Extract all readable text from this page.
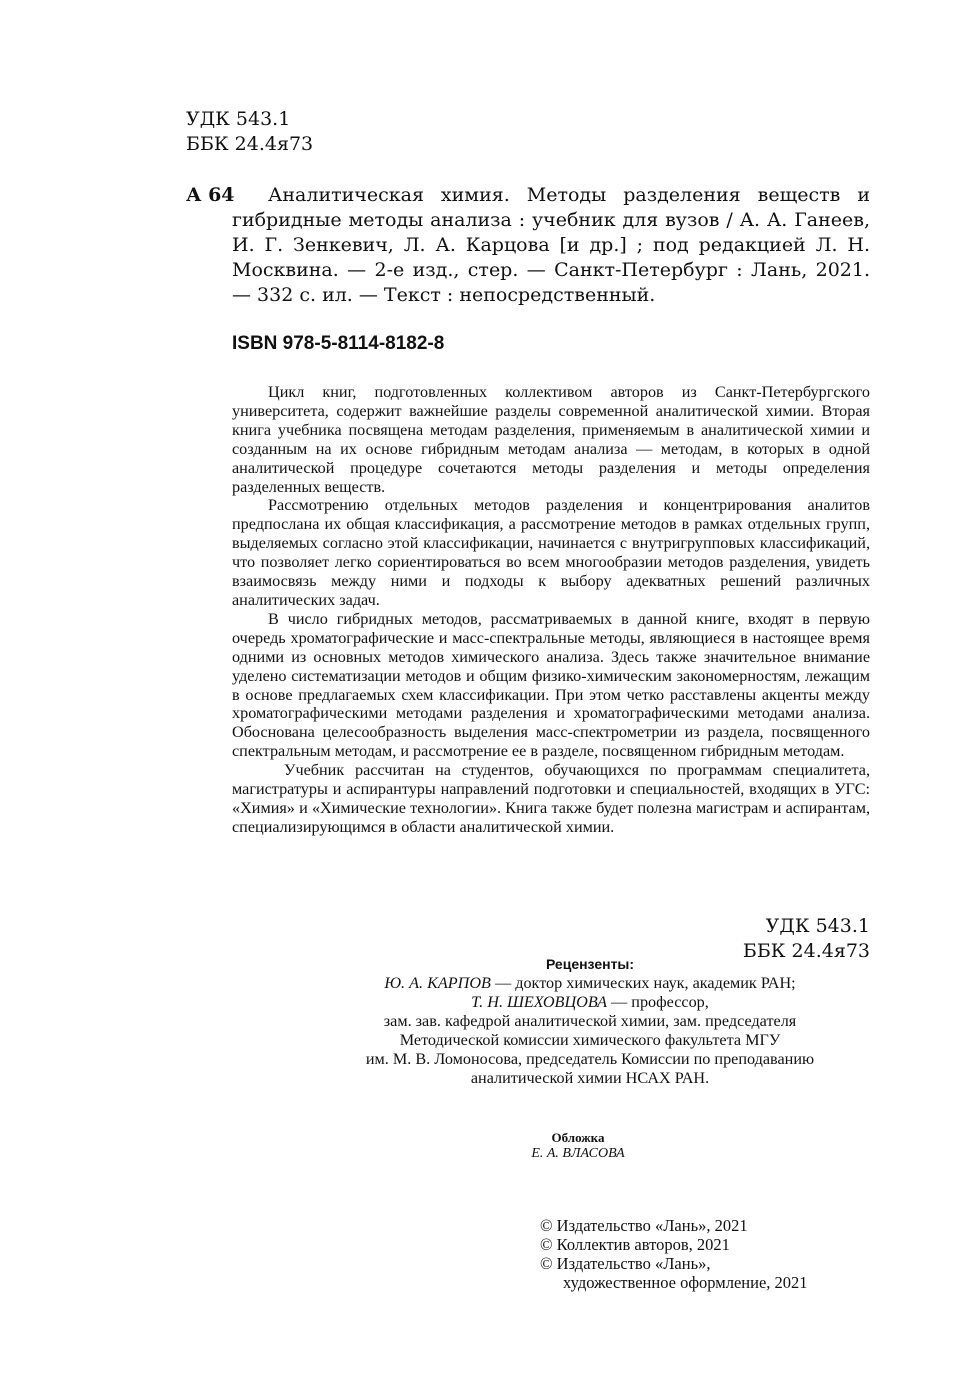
УДК 543.1
ББК 24.4я73
А 64	Аналитическая химия. Методы разделения веществ и гибридные методы анализа : учебник для вузов / А. А. Ганеев, И. Г. Зенкевич, Л. А. Карцова [и др.] ; под редакцией Л. Н. Москвина. — 2-е изд., стер. — Санкт-Петербург : Лань, 2021. — 332 с. ил. — Текст : непосредственный.
ISBN 978-5-8114-8182-8

Цикл книг, подготовленных коллективом авторов из Санкт-Петербургского университета, содержит важнейшие разделы современной аналитической химии. Вторая книга учебника посвящена методам разделения, применяемым в аналитической химии и созданным на их основе гибридным методам анализа — методам, в которых в одной аналитической процедуре сочетаются методы разделения и методы определения разделенных веществ.

Рассмотрению отдельных методов разделения и концентрирования аналитов предпослана их общая классификация, а рассмотрение методов в рамках отдельных групп, выделяемых согласно этой классификации, начинается с внутригрупповых классификаций, что позволяет легко сориентироваться во всем многообразии методов разделения, увидеть взаимосвязь между ними и подходы к выбору адекватных решений различных аналитических задач.

В число гибридных методов, рассматриваемых в данной книге, входят в первую очередь хроматографические и масс-спектральные методы, являющиеся в настоящее время одними из основных методов химического анализа. Здесь также значительное внимание уделено систематизации методов и общим физико-химическим закономерностям, лежащим в основе предлагаемых схем классификации. При этом четко расставлены акценты между хроматографическими методами разделения и хроматографическими методами анализа. Обоснована целесообразность выделения масс-спектрометрии из раздела, посвященного спектральным методам, и рассмотрение ее в разделе, посвященном гибридным методам.

Учебник рассчитан на студентов, обучающихся по программам специалитета, магистратуры и аспирантуры направлений подготовки и специальностей, входящих в УГС: «Химия» и «Химические технологии». Книга также будет полезна магистрам и аспирантам, специализирующимся в области аналитической химии.

УДК 543.1
ББК 24.4я73
Рецензенты:
Ю. А. КАРПОВ — доктор химических наук, академик РАН;
Т. Н. ШЕХОВЦОВА — профессор,
зам. зав. кафедрой аналитической химии, зам. председателя
Методической комиссии химического факультета МГУ
им. М. В. Ломоносова, председатель Комиссии по преподаванию
аналитической химии НСАХ РАН.
Обложка
Е. А. ВЛАСОВА
© Издательство «Лань», 2021
© Коллектив авторов, 2021
© Издательство «Лань»,
художественное оформление, 2021
